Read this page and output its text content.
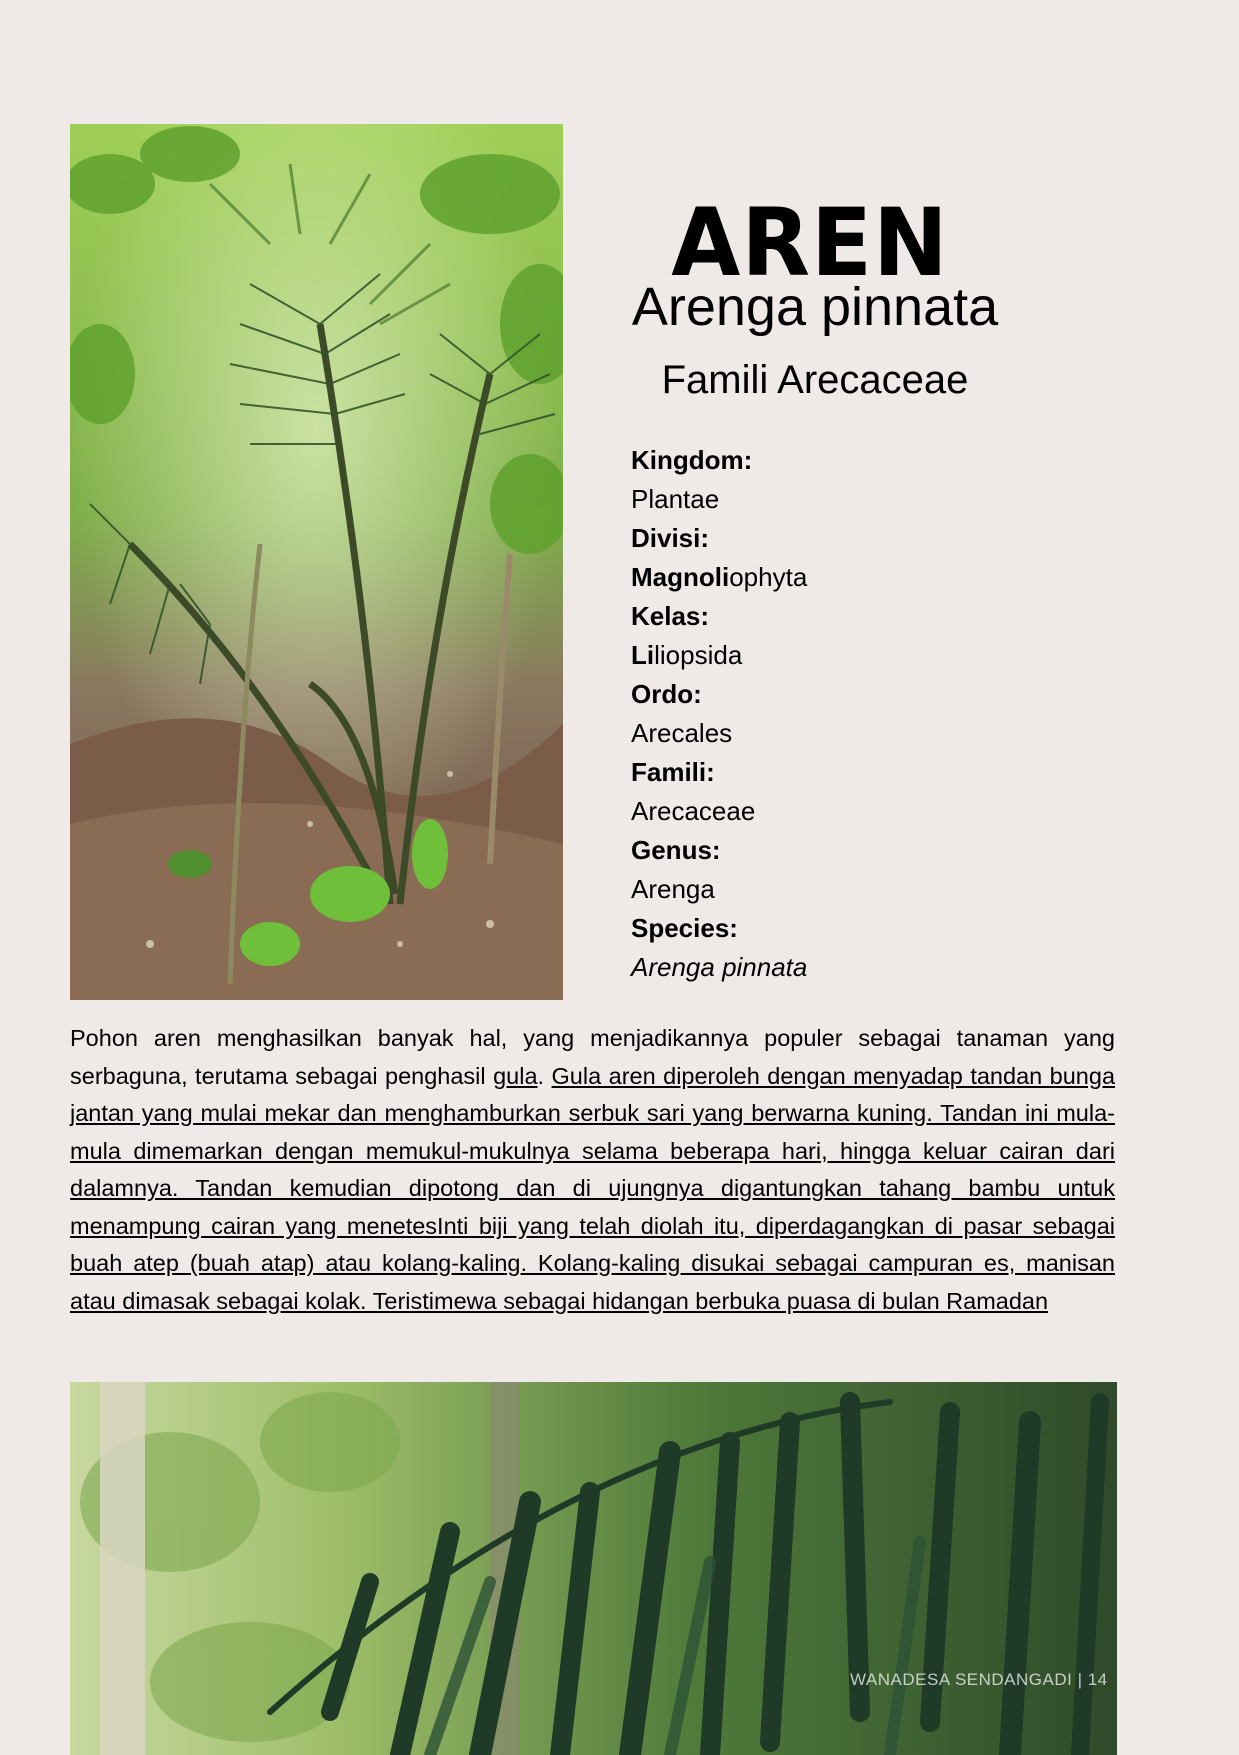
AREN
Arenga pinnata
Famili Arecaceae
Kingdom:
Plantae
Divisi:
Magnoliophyta
Kelas:
Liliopsida
Ordo:
Arecales
Famili:
Arecaceae
Genus:
Arenga
Species:
Arenga pinnata

Pohon aren menghasilkan banyak hal, yang menjadikannya populer sebagai tanaman yang serbaguna, terutama sebagai penghasil gula. Gula aren diperoleh dengan menyadap tandan bunga jantan yang mulai mekar dan menghamburkan serbuk sari yang berwarna kuning. Tandan ini mula-mula dimemarkan dengan memukul-mukulnya selama beberapa hari, hingga keluar cairan dari dalamnya. Tandan kemudian dipotong dan di ujungnya digantungkan tahang bambu untuk menampung cairan yang menetesInti biji yang telah diolah itu, diperdagangkan di pasar sebagai buah atep (buah atap) atau kolang-kaling. Kolang-kaling disukai sebagai campuran es, manisan atau dimasak sebagai kolak. Teristimewa sebagai hidangan berbuka puasa di bulan Ramadan

WANADESA SENDANGADI | 14
